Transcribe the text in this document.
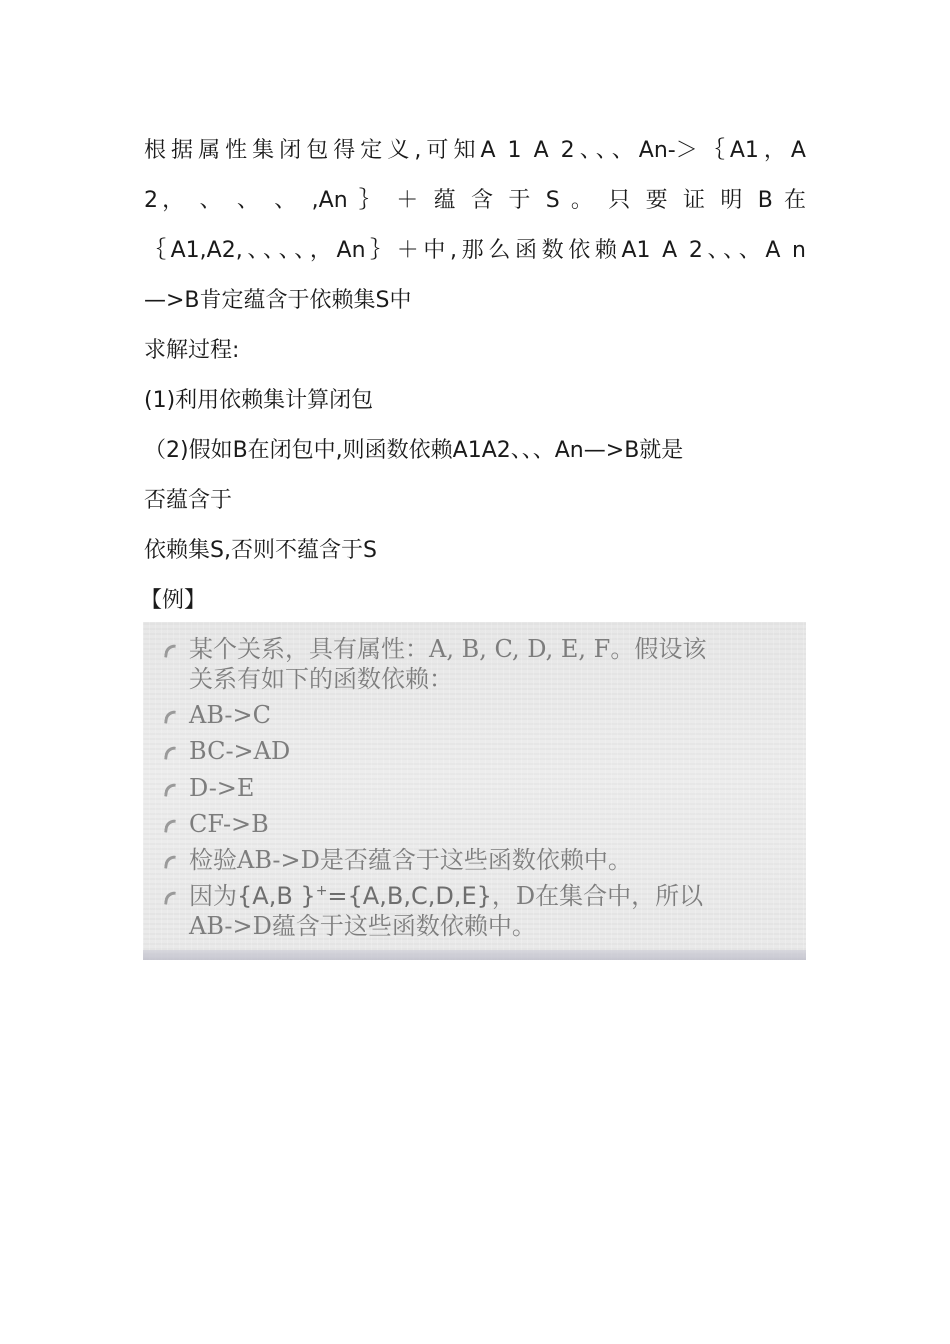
根据属性集闭包得定义,可知A 1 A 2、、、An-＞｛A1，A
2， 、 、 、 ,An ｝ ＋ 蕴 含 于 S 。 只 要 证 明 B 在
｛A1,A2,、、、、，An｝＋中,那么函数依赖A1 A 2、、、A n
—>B肯定蕴含于依赖集S中
求解过程:
(1)利用依赖集计算闭包
（2)假如B在闭包中,则函数依赖A1A2、、、An—>B就是
否蕴含于
依赖集S,否则不蕴含于S
【例】
某个关系，具有属性：A, B, C, D, E, F。假设该
关系有如下的函数依赖：
AB->C
BC->AD
D->E
CF->B
检验AB->D是否蕴含于这些函数依赖中。
因为{A,B }+={A,B,C,D,E}，D在集合中，所以
AB->D蕴含于这些函数依赖中。
